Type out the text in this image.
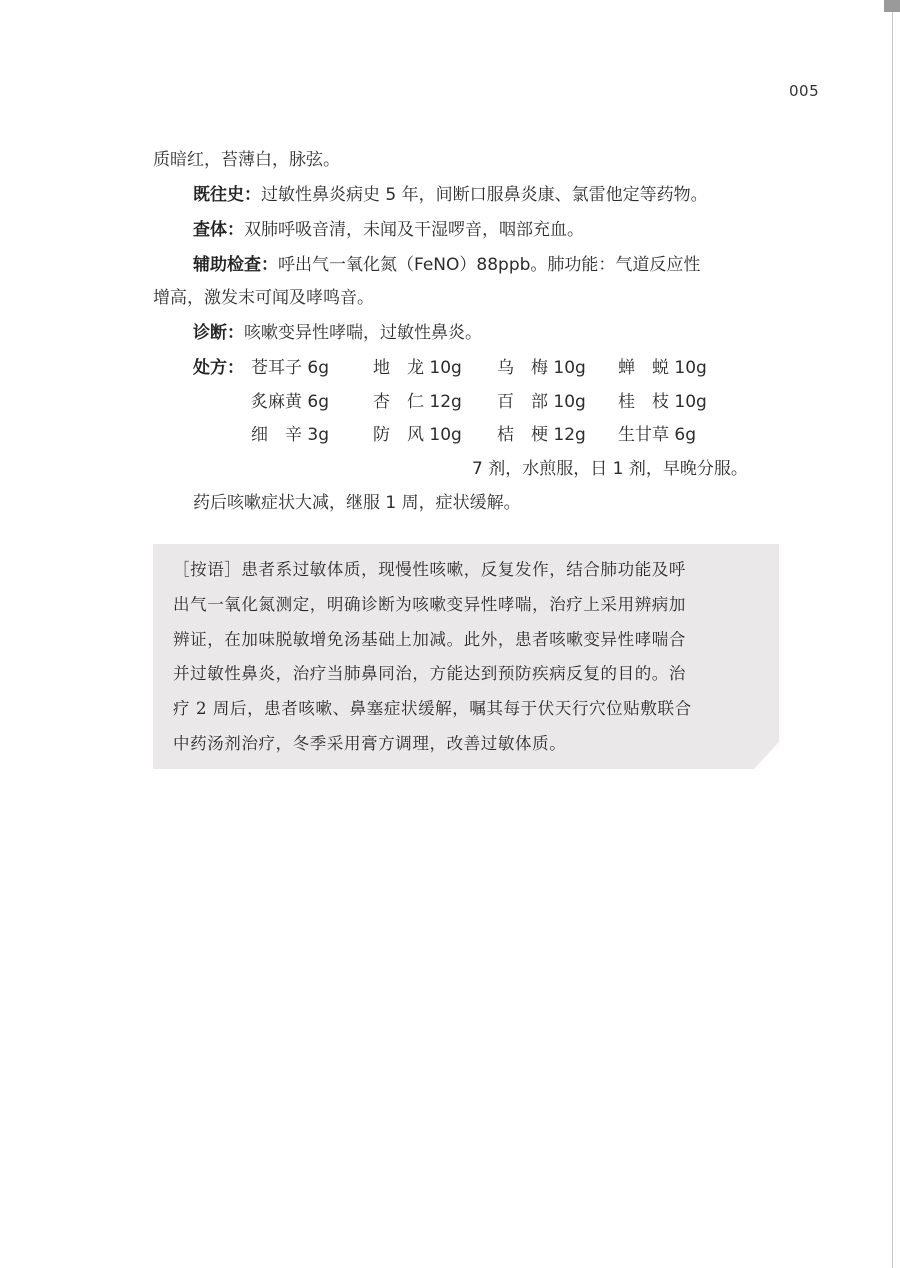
005
质暗红，苔薄白，脉弦。
既往史：过敏性鼻炎病史 5 年，间断口服鼻炎康、氯雷他定等药物。
查体：双肺呼吸音清，未闻及干湿啰音，咽部充血。
辅助检查：呼出气一氧化氮（FeNO）88ppb。肺功能：气道反应性
增高，激发末可闻及哮鸣音。
诊断：咳嗽变异性哮喘，过敏性鼻炎。
处方： 苍耳子 6g	地　龙 10g 乌　梅 10g 蝉　蜕 10g
炙麻黄 6g	杏　仁 12g 百　部 10g 桂　枝 10g
细　辛 3g	防　风 10g 桔　梗 12g 生甘草 6g
7 剂，水煎服，日 1 剂，早晚分服。
药后咳嗽症状大减，继服 1 周，症状缓解。
［按语］患者系过敏体质，现慢性咳嗽，反复发作，结合肺功能及呼
出气一氧化氮测定，明确诊断为咳嗽变异性哮喘，治疗上采用辨病加
辨证，在加味脱敏增免汤基础上加减。此外，患者咳嗽变异性哮喘合
并过敏性鼻炎，治疗当肺鼻同治，方能达到预防疾病反复的目的。治
疗 2 周后，患者咳嗽、鼻塞症状缓解，嘱其每于伏天行穴位贴敷联合
中药汤剂治疗，冬季采用膏方调理，改善过敏体质。
